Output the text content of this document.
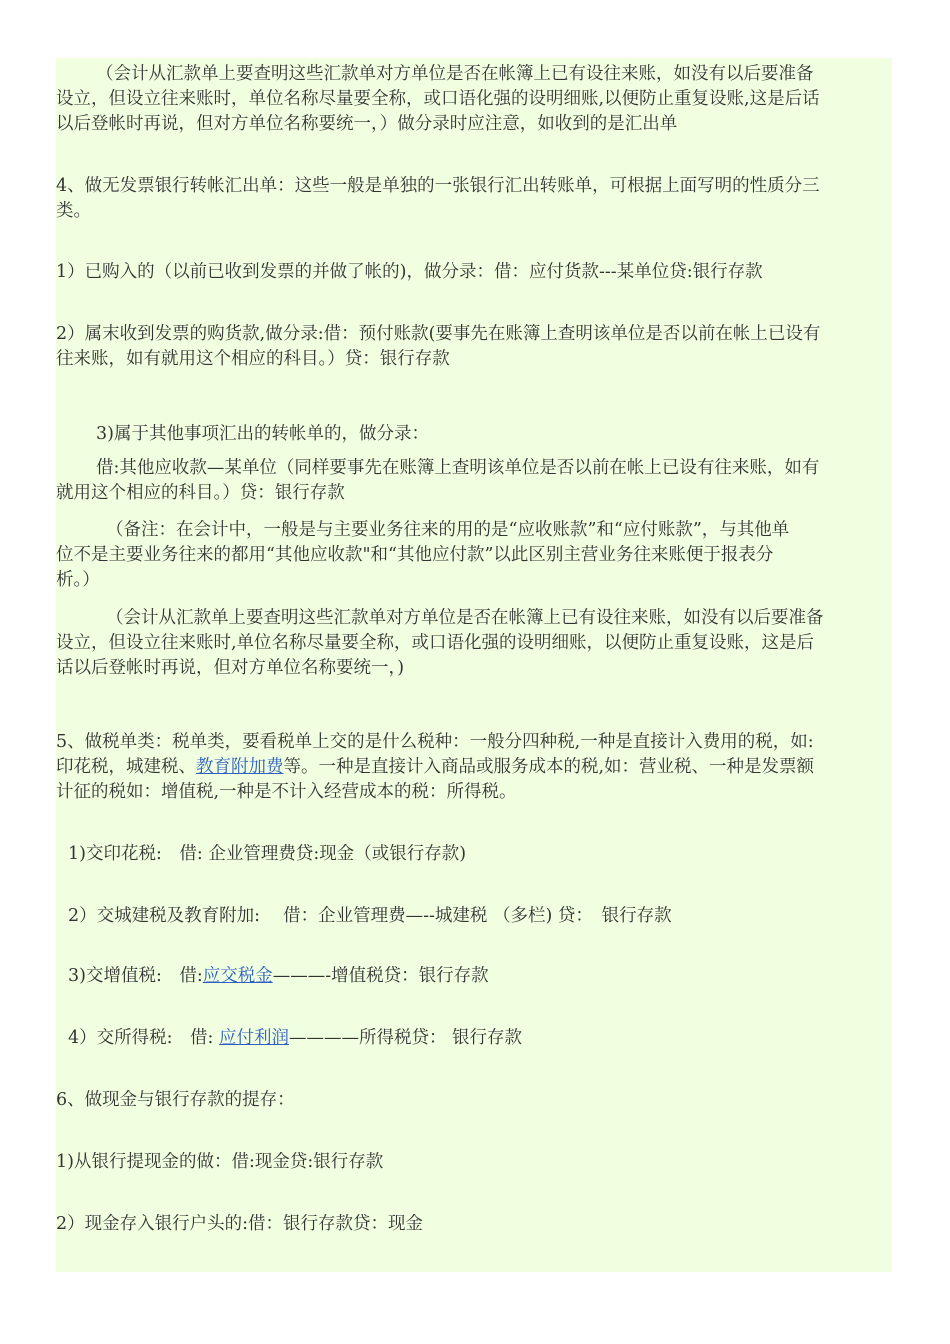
（会计从汇款单上要查明这些汇款单对方单位是否在帐簿上已有设往来账，如没有以后要准备
设立，但设立往来账时，单位名称尽量要全称，或口语化强的设明细账,以便防止重复设账,这是后话
以后登帐时再说，但对方单位名称要统一，）做分录时应注意，如收到的是汇出单
4、做无发票银行转帐汇出单：这些一般是单独的一张银行汇出转账单，可根据上面写明的性质分三
类。
1）已购入的（以前已收到发票的并做了帐的)，做分录：借：应付货款---某单位贷:银行存款
2）属末收到发票的购货款,做分录:借：预付账款(要事先在账簿上查明该单位是否以前在帐上已设有
往来账，如有就用这个相应的科目。）贷：银行存款
3)属于其他事项汇出的转帐单的，做分录：
借:其他应收款—某单位（同样要事先在账簿上查明该单位是否以前在帐上已设有往来账，如有
就用这个相应的科目。）贷：银行存款
（备注：在会计中，一般是与主要业务往来的用的是“应收账款”和“应付账款”，与其他单
位不是主要业务往来的都用“其他应收款"和“其他应付款”以此区别主营业务往来账便于报表分
析。）
（会计从汇款单上要查明这些汇款单对方单位是否在帐簿上已有设往来账，如没有以后要准备
设立，但设立往来账时,单位名称尽量要全称，或口语化强的设明细账，以便防止重复设账，这是后
话以后登帐时再说，但对方单位名称要统一，)
5、做税单类：税单类，要看税单上交的是什么税种：一般分四种税,一种是直接计入费用的税，如:
印花税，城建税、教育附加费等。一种是直接计入商品或服务成本的税,如：营业税、一种是发票额
计征的税如：增值税,一种是不计入经营成本的税：所得税。
1)交印花税:　借: 企业管理费贷:现金（或银行存款)
2）交城建税及教育附加:　 借：企业管理费—--城建税 （多栏) 贷：　银行存款
3)交增值税:　借:应交税金———-增值税贷：银行存款
4）交所得税:　借: 应付利润————所得税贷： 银行存款
6、做现金与银行存款的提存：
1)从银行提现金的做：借:现金贷:银行存款
2）现金存入银行户头的:借：银行存款贷：现金
